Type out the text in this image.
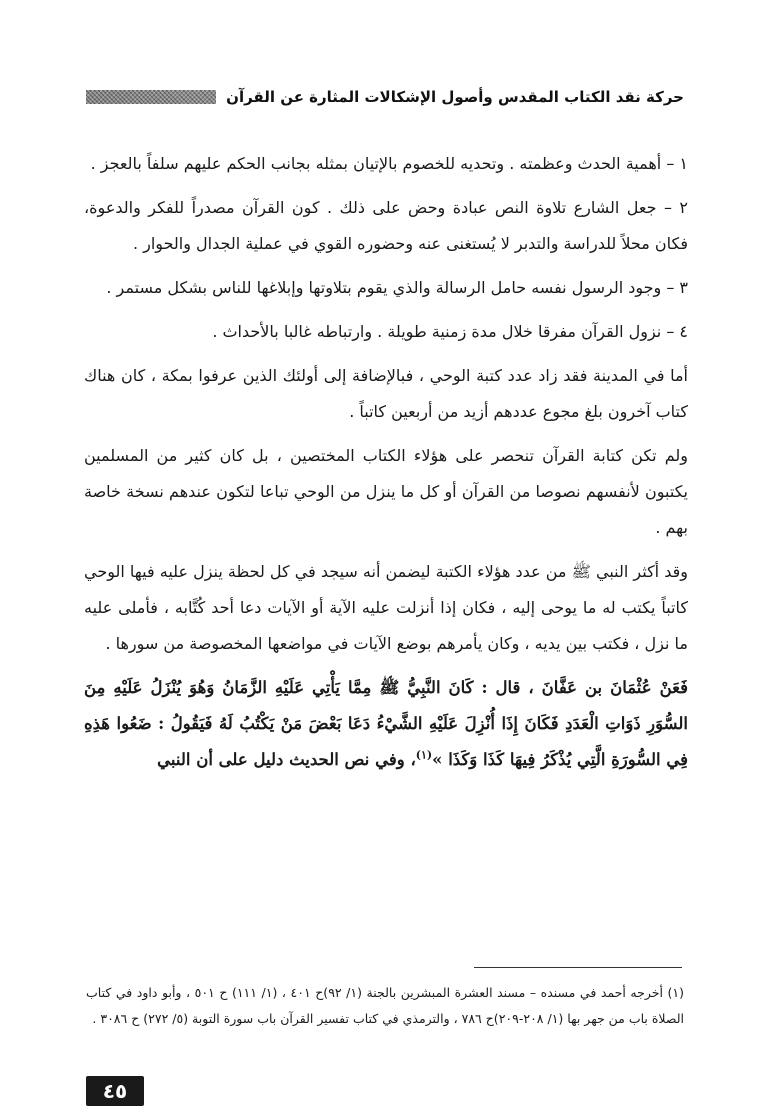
حركة نقد الكتاب المقدس وأصول الإشكالات المثارة عن القرآن

١ – أهمية الحدث وعظمته . وتحديه للخصوم بالإتيان بمثله بجانب الحكم عليهم سلفاً بالعجز .

٢ – جعل الشارع تلاوة النص عبادة وحض على ذلك . كون القرآن مصدراً للفكر والدعوة، فكان محلاً للدراسة والتدبر لا يُستغنى عنه وحضوره القوي في عملية الجدال والحوار .

٣ – وجود الرسول نفسه حامل الرسالة والذي يقوم بتلاوتها وإبلاغها للناس بشكل مستمر .

٤ – نزول القرآن مفرقا خلال مدة زمنية طويلة . وارتباطه غالبا بالأحداث .

أما في المدينة فقد زاد عدد كتبة الوحي ، فبالإضافة إلى أولئك الذين عرفوا بمكة ، كان هناك كتاب آخرون بلغ مجوع عددهم أزيد من أربعين كاتباً .

ولم تكن كتابة القرآن تنحصر على هؤلاء الكتاب المختصين ، بل كان كثير من المسلمين يكتبون لأنفسهم نصوصا من القرآن أو كل ما ينزل من الوحي تباعا لتكون عندهم نسخة خاصة بهم .

وقد أكثر النبي ﷺ من عدد هؤلاء الكتبة ليضمن أنه سيجد في كل لحظة ينزل عليه فيها الوحي كاتباً يكتب له ما يوحى إليه ، فكان إذا أنزلت عليه الآية أو الآيات دعا أحد كُتَّابه ، فأملى عليه ما نزل ، فكتب بين يديه ، وكان يأمرهم بوضع الآيات في مواضعها المخصوصة من سورها .

فَعَنْ عُثْمَانَ بن عَفَّانَ ، قال : كَانَ النَّبِيُّ ﷺ مِمَّا يَأْتِي عَلَيْهِ الزَّمَانُ وَهُوَ يُنْزَلُ عَلَيْهِ مِنَ السُّوَرِ ذَوَاتِ الْعَدَدِ فَكَانَ إِذَا أُنْزِلَ عَلَيْهِ الشَّيْءُ دَعَا بَعْضَ مَنْ يَكْتُبُ لَهُ فَيَقُولُ : ضَعُوا هَذِهِ فِي السُّورَةِ الَّتِي يُذْكَرُ فِيهَا كَذَا وَكَذَا »$^{(١)}$، وفي نص الحديث دليل على أن النبي

(١) أخرجه أحمد في مسنده – مسند العشرة المبشرين بالجنة (١/ ٩٢)ح ٤٠١ ، (١/ ١١١) ح ٥٠١ ، وأبو داود في كتاب الصلاة باب من جهر بها (١/ ٢٠٨-٢٠٩)ح ٧٨٦ ، والترمذي في كتاب تفسير القرآن باب سورة التوبة (٥/ ٢٧٢) ح ٣٠٨٦ .

٤٥
